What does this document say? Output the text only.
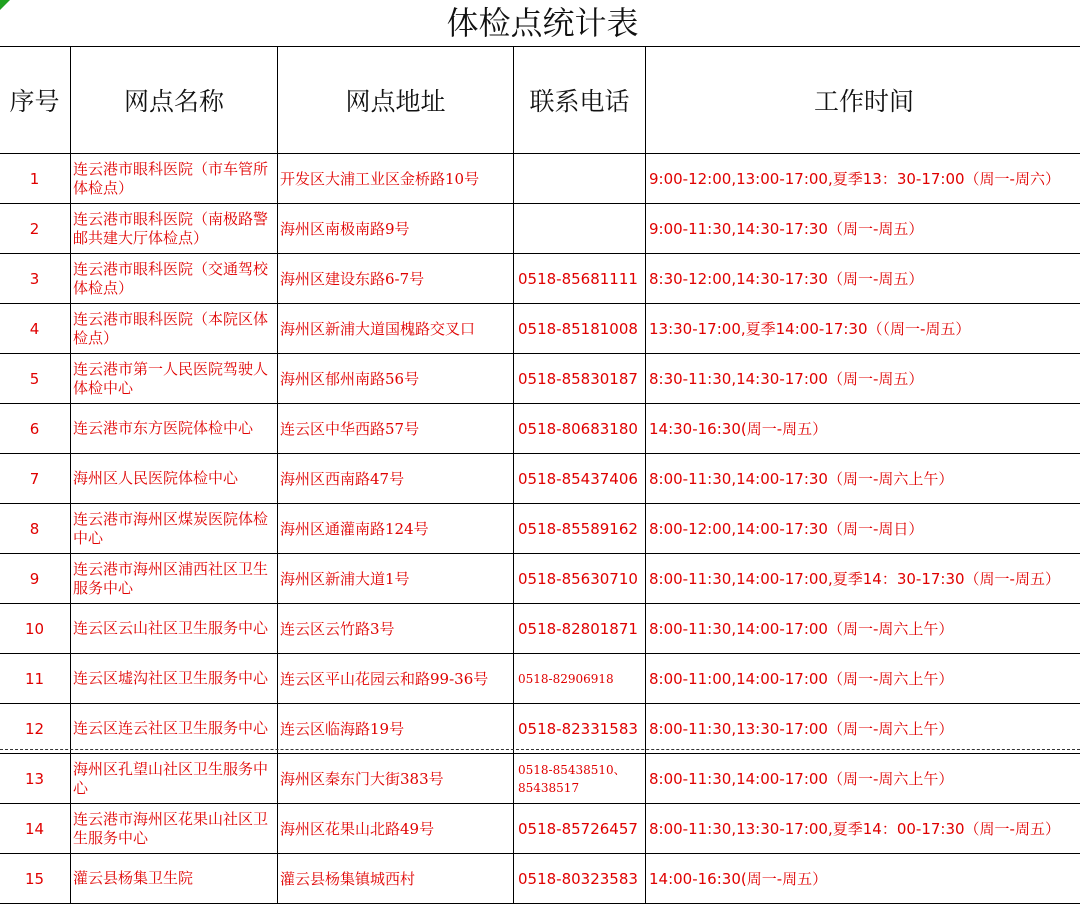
体检点统计表
序号	网点名称	网点地址	联系电话	工作时间
1	连云港市眼科医院（市车管所体检点）	开发区大浦工业区金桥路10号		9:00-12:00,13:00-17:00,夏季13：30-17:00（周一-周六）
2	连云港市眼科医院（南极路警邮共建大厅体检点）	海州区南极南路9号		9:00-11:30,14:30-17:30（周一-周五）
3	连云港市眼科医院（交通驾校体检点）	海州区建设东路6-7号	0518-85681111	8:30-12:00,14:30-17:30（周一-周五）
4	连云港市眼科医院（本院区体检点）	海州区新浦大道国槐路交叉口	0518-85181008	13:30-17:00,夏季14:00-17:30（（周一-周五）
5	连云港市第一人民医院驾驶人体检中心	海州区郁州南路56号	0518-85830187	8:30-11:30,14:30-17:00（周一-周五）
6	连云港市东方医院体检中心	连云区中华西路57号	0518-80683180	14:30-16:30(周一-周五）
7	海州区人民医院体检中心	海州区西南路47号	0518-85437406	8:00-11:30,14:00-17:30（周一-周六上午）
8	连云港市海州区煤炭医院体检中心	海州区通灌南路124号	0518-85589162	8:00-12:00,14:00-17:30（周一-周日）
9	连云港市海州区浦西社区卫生服务中心	海州区新浦大道1号	0518-85630710	8:00-11:30,14:00-17:00,夏季14：30-17:30（周一-周五）
10	连云区云山社区卫生服务中心	连云区云竹路3号	0518-82801871	8:00-11:30,14:00-17:00（周一-周六上午）
11	连云区墟沟社区卫生服务中心	连云区平山花园云和路99-36号	0518-82906918	8:00-11:00,14:00-17:00（周一-周六上午）
12	连云区连云社区卫生服务中心	连云区临海路19号	0518-82331583	8:00-11:30,13:30-17:00（周一-周六上午）
13	海州区孔望山社区卫生服务中心	海州区秦东门大街383号	0518-85438510、85438517	8:00-11:30,14:00-17:00（周一-周六上午）
14	连云港市海州区花果山社区卫生服务中心	海州区花果山北路49号	0518-85726457	8:00-11:30,13:30-17:00,夏季14：00-17:30（周一-周五）
15	灌云县杨集卫生院	灌云县杨集镇城西村	0518-80323583	14:00-16:30(周一-周五）
